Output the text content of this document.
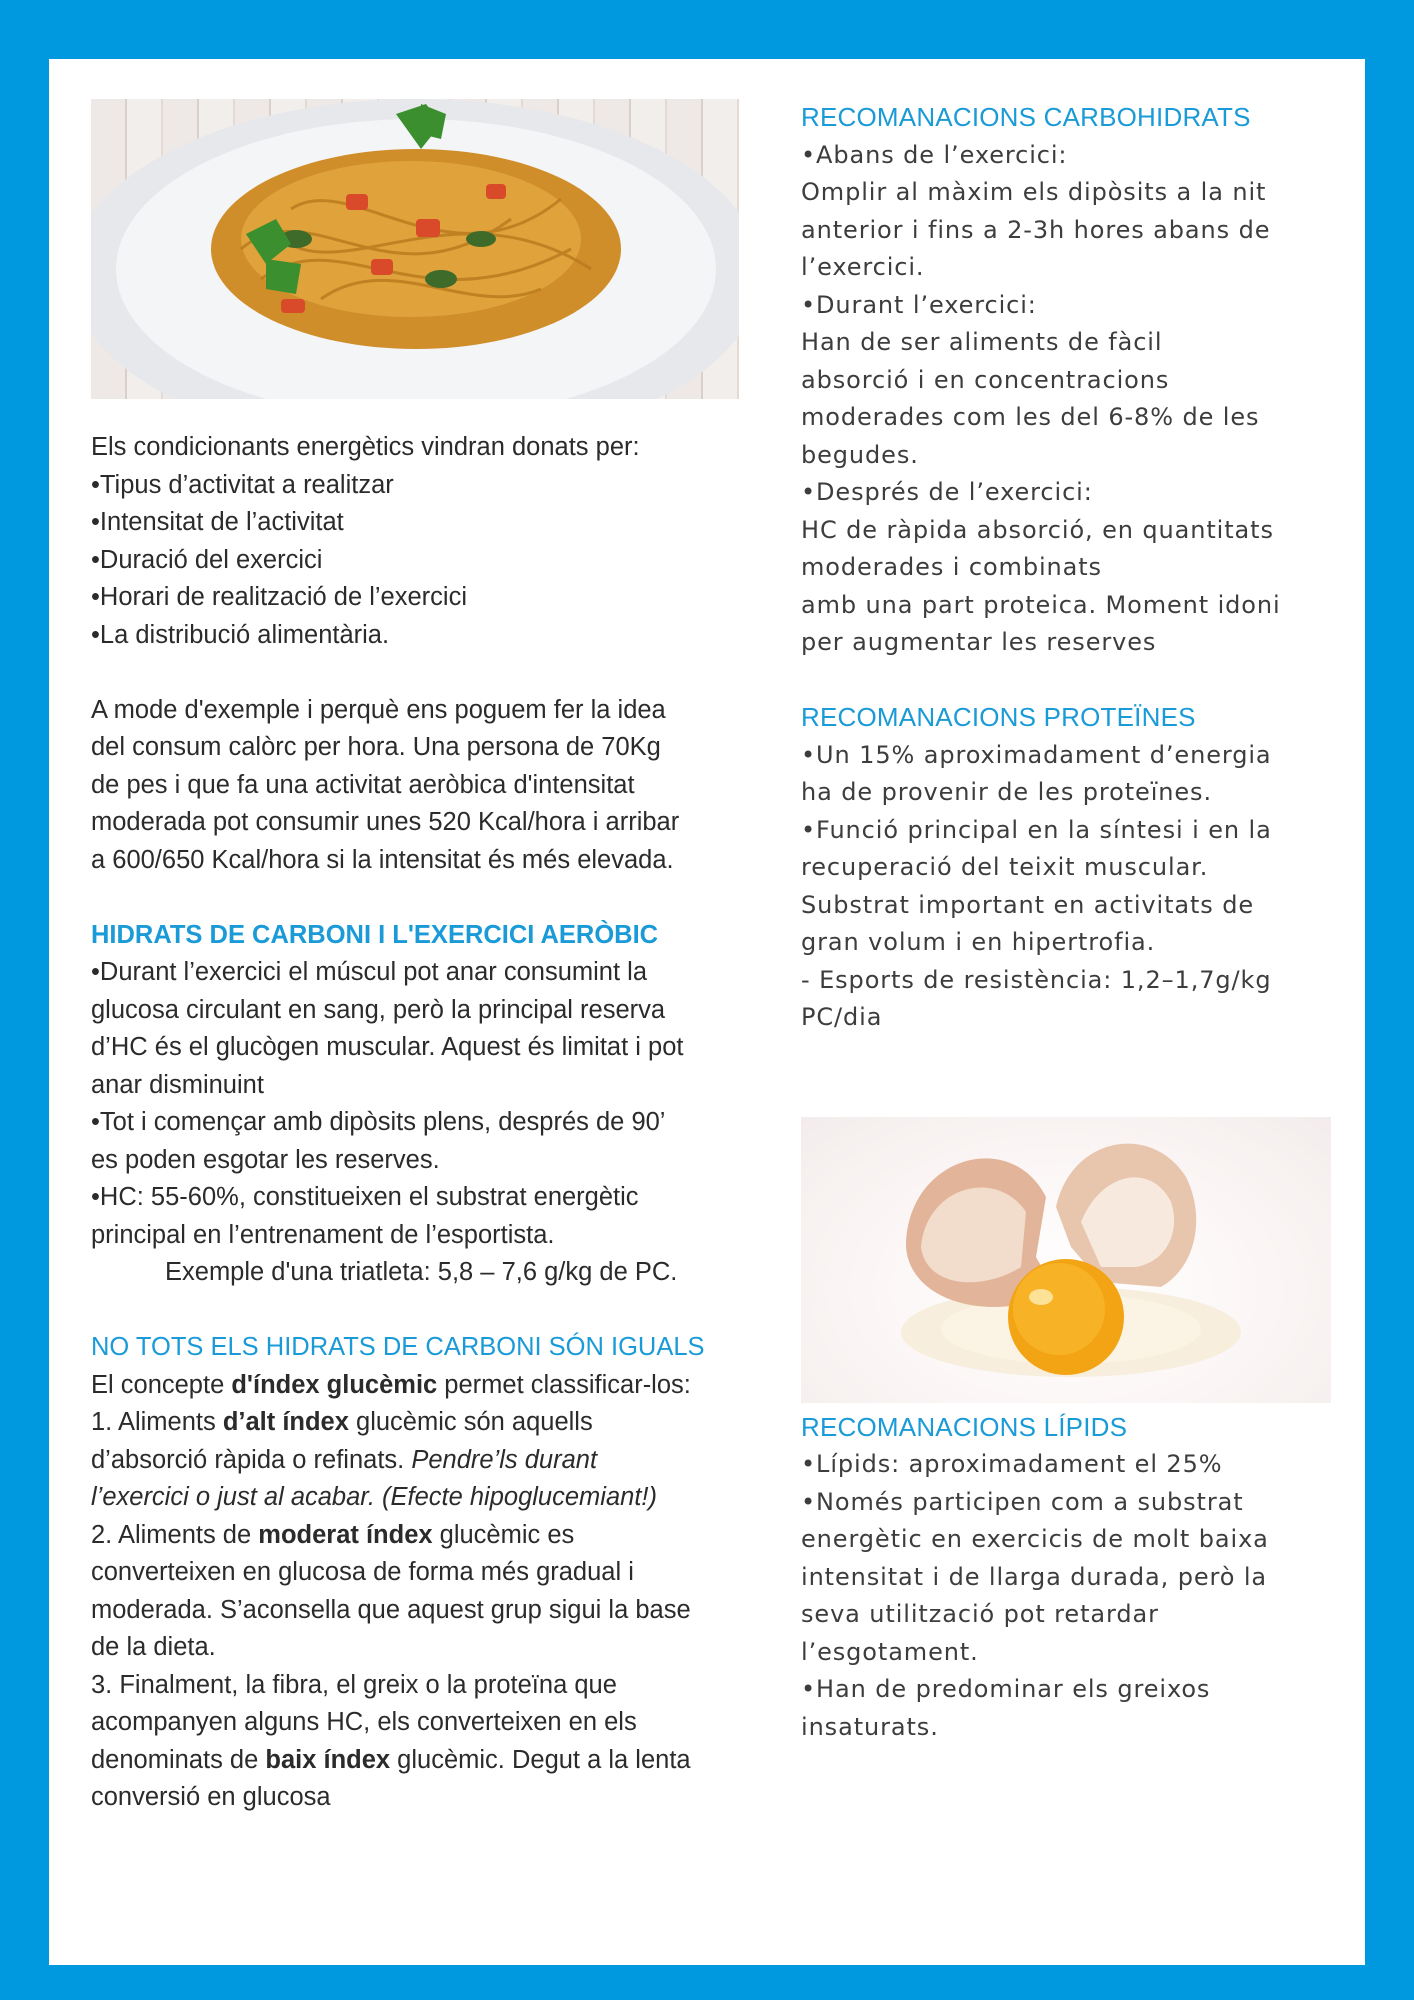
Els condicionants energètics vindran donats per:
•Tipus d’activitat a realitzar
•Intensitat de l’activitat
•Duració del exercici
•Horari de realització de l’exercici
•La distribució alimentària.
A mode d'exemple i perquè ens poguem fer la idea
del consum calòrc per hora. Una persona de 70Kg
de pes i que fa una activitat aeròbica d'intensitat
moderada pot consumir unes 520 Kcal/hora i arribar
a 600/650 Kcal/hora si la intensitat és més elevada.
HIDRATS DE CARBONI I L'EXERCICI AERÒBIC
•Durant l’exercici el múscul pot anar consumint la
glucosa circulant en sang, però la principal reserva
d’HC és el glucògen muscular. Aquest és limitat i pot
anar disminuint
•Tot i començar amb dipòsits plens, després de 90’
es poden esgotar les reserves.
•HC: 55-60%, constitueixen el substrat energètic
principal en l’entrenament de l’esportista.
Exemple d'una triatleta: 5,8 – 7,6 g/kg de PC.
NO TOTS ELS HIDRATS DE CARBONI SÓN IGUALS
El concepte d'índex glucèmic permet classificar-los:
1. Aliments d’alt índex glucèmic són aquells
d’absorció ràpida o refinats. Pendre’ls durant
l’exercici o just al acabar. (Efecte hipoglucemiant!)
2. Aliments de moderat índex glucèmic es
converteixen en glucosa de forma més gradual i
moderada. S’aconsella que aquest grup sigui la base
de la dieta.
3. Finalment, la fibra, el greix o la proteïna que
acompanyen alguns HC, els converteixen en els
denominats de baix índex glucèmic. Degut a la lenta
conversió en glucosa
RECOMANACIONS CARBOHIDRATS
•Abans de l’exercici:
Omplir al màxim els dipòsits a la nit
anterior i fins a 2-3h hores abans de
l’exercici.
•Durant l’exercici:
Han de ser aliments de fàcil
absorció i en concentracions
moderades com les del 6-8% de les
begudes.
•Després de l’exercici:
HC de ràpida absorció, en quantitats
moderades i combinats
amb una part proteica. Moment idoni
per augmentar les reserves
RECOMANACIONS PROTEÏNES
•Un 15% aproximadament d’energia
ha de provenir de les proteïnes.
•Funció principal en la síntesi i en la
recuperació del teixit muscular.
Substrat important en activitats de
gran volum i en hipertrofia.
- Esports de resistència: 1,2–1,7g/kg
PC/dia
RECOMANACIONS LÍPIDS
•Lípids: aproximadament el 25%
•Només participen com a substrat
energètic en exercicis de molt baixa
intensitat i de llarga durada, però la
seva utilització pot retardar
l’esgotament.
•Han de predominar els greixos
insaturats.
